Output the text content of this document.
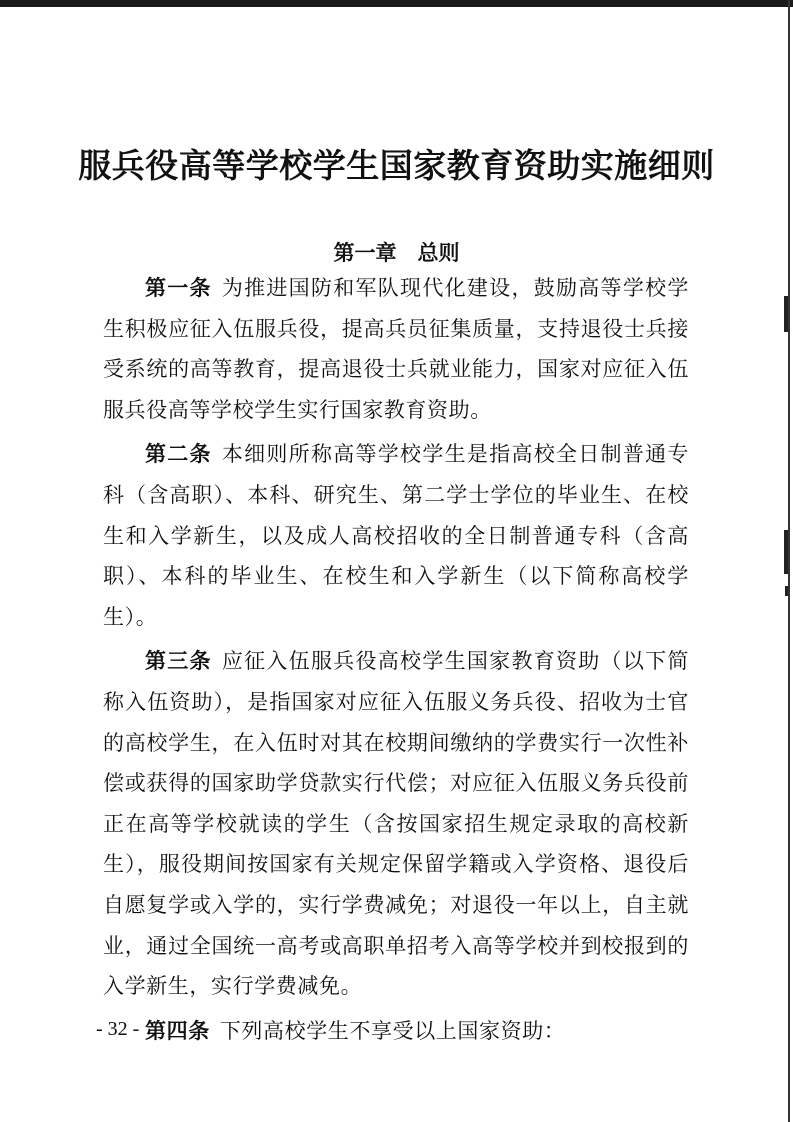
服兵役高等学校学生国家教育资助实施细则
第一章　总则

第一条 为推进国防和军队现代化建设，鼓励高等学校学生积极应征入伍服兵役，提高兵员征集质量，支持退役士兵接受系统的高等教育，提高退役士兵就业能力，国家对应征入伍服兵役高等学校学生实行国家教育资助。

第二条 本细则所称高等学校学生是指高校全日制普通专科（含高职）、本科、研究生、第二学士学位的毕业生、在校生和入学新生，以及成人高校招收的全日制普通专科（含高职）、本科的毕业生、在校生和入学新生（以下简称高校学生）。

第三条 应征入伍服兵役高校学生国家教育资助（以下简称入伍资助），是指国家对应征入伍服义务兵役、招收为士官的高校学生，在入伍时对其在校期间缴纳的学费实行一次性补偿或获得的国家助学贷款实行代偿；对应征入伍服义务兵役前正在高等学校就读的学生（含按国家招生规定录取的高校新生），服役期间按国家有关规定保留学籍或入学资格、退役后自愿复学或入学的，实行学费减免；对退役一年以上，自主就业，通过全国统一高考或高职单招考入高等学校并到校报到的入学新生，实行学费减免。

第四条 下列高校学生不享受以上国家资助：

- 32 -
